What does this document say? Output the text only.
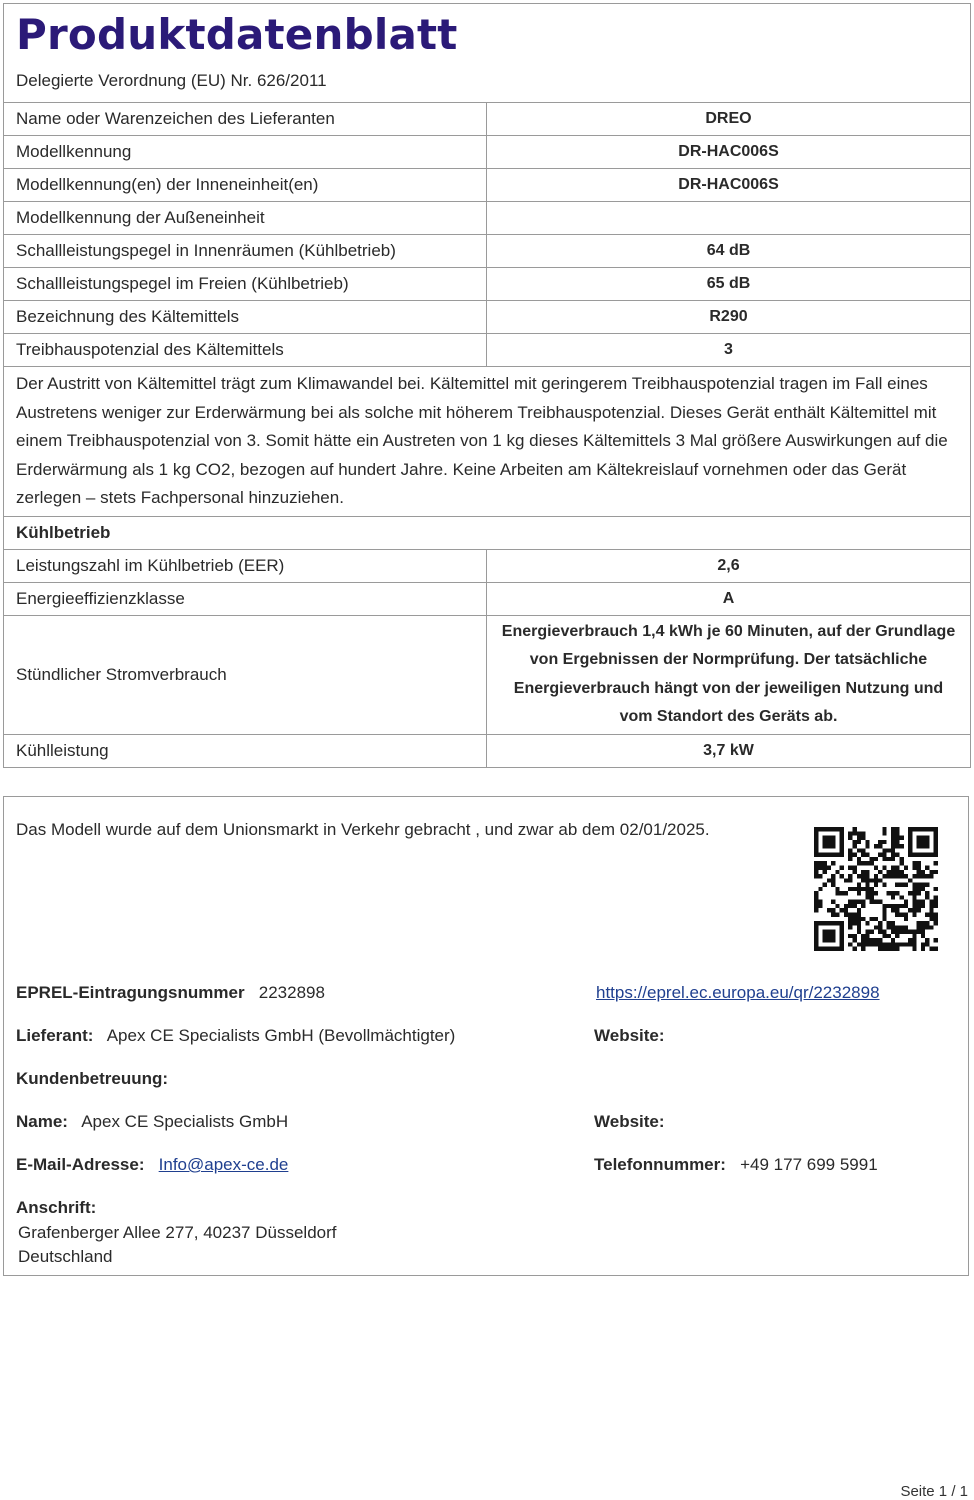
Produktdatenblatt
Delegierte Verordnung (EU) Nr. 626/2011
Name oder Warenzeichen des Lieferanten	DREO
Modellkennung	DR-HAC006S
Modellkennung(en) der Inneneinheit(en)	DR-HAC006S
Modellkennung der Außeneinheit	
Schallleistungspegel in Innenräumen (Kühlbetrieb)	64 dB
Schallleistungspegel im Freien (Kühlbetrieb)	65 dB
Bezeichnung des Kältemittels	R290
Treibhauspotenzial des Kältemittels	3
Der Austritt von Kältemittel trägt zum Klimawandel bei. Kältemittel mit geringerem Treibhauspotenzial tragen im Fall eines Austretens weniger zur Erderwärmung bei als solche mit höherem Treibhauspotenzial. Dieses Gerät enthält Kältemittel mit einem Treibhauspotenzial von 3. Somit hätte ein Austreten von 1 kg dieses Kältemittels 3 Mal größere Auswirkungen auf die Erderwärmung als 1 kg CO2, bezogen auf hundert Jahre. Keine Arbeiten am Kältekreislauf vornehmen oder das Gerät zerlegen – stets Fachpersonal hinzuziehen.	
Kühlbetrieb	
Leistungszahl im Kühlbetrieb (EER)	2,6
Energieeffizienzklasse	A
Stündlicher Stromverbrauch	Energieverbrauch 1,4 kWh je 60 Minuten, auf der Grundlage von Ergebnissen der Normprüfung. Der tatsächliche Energieverbrauch hängt von der jeweiligen Nutzung und vom Standort des Geräts ab.
Kühlleistung	3,7 kW
Das Modell wurde auf dem Unionsmarkt in Verkehr gebracht , und zwar ab dem 02/01/2025.
EPREL-Eintragungsnummer 2232898	https://eprel.ec.europa.eu/qr/2232898
Lieferant: Apex CE Specialists GmbH (Bevollmächtigter)	Website:
Kundenbetreuung:
Name: Apex CE Specialists GmbH	Website:
E-Mail-Adresse: Info@apex-ce.de	Telefonnummer: +49 177 699 5991
Anschrift:
Grafenberger Allee 277, 40237 Düsseldorf
Deutschland
Seite 1 / 1
